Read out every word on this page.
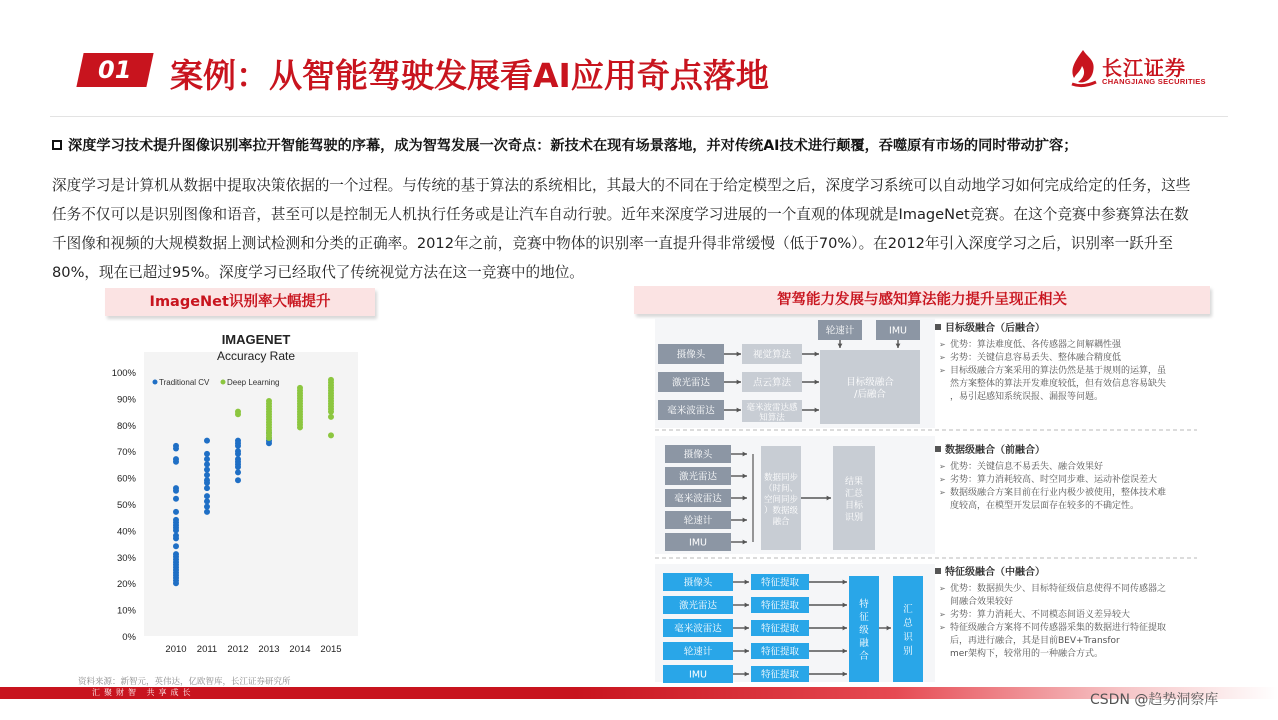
01	案例：从智能驾驶发展看AI应用奇点落地	长江证券
CHANGJIANG SECURITIES
深度学习技术提升图像识别率拉开智能驾驶的序幕，成为智驾发展一次奇点：新技术在现有场景落地，并对传统AI技术进行颠覆，吞噬原有市场的同时带动扩容；
深度学习是计算机从数据中提取决策依据的一个过程。与传统的基于算法的系统相比，其最大的不同在于给定模型之后，深度学习系统可以自动地学习如何完成给定的任务，这些任务不仅可以是识别图像和语音，甚至可以是控制无人机执行任务或是让汽车自动行驶。近年来深度学习进展的一个直观的体现就是ImageNet竞赛。在这个竞赛中参赛算法在数千图像和视频的大规模数据上测试检测和分类的正确率。2012年之前，竞赛中物体的识别率一直提升得非常缓慢（低于70%）。在2012年引入深度学习之后，识别率一跃升至80%，现在已超过95%。深度学习已经取代了传统视觉方法在这一竞赛中的地位。
ImageNet识别率大幅提升	智驾能力发展与感知算法能力提升呈现正相关
IMAGENET
Accuracy Rate
0%
10%
20%
30%
40%
50%
60%
70%
80%
90%
100%
2010 2011 2012 2013 2014 2015
Traditional CV Deep Learning
轮速计	IMU
摄像头
激光雷达
毫米波雷达
视觉算法
点云算法
毫米波雷达感知算法
目标级融合/后融合
目标级融合（后融合）
➢ 优势：算法难度低、各传感器之间解耦性强
➢ 劣势：关键信息容易丢失、整体融合精度低
➢ 目标级融合方案采用的算法仍然是基于规则的运算，虽
然方案整体的算法开发难度较低，但有效信息容易缺失
，易引起感知系统误报、漏报等问题。
摄像头
激光雷达
毫米波雷达
轮速计
IMU
数据同步（时间、空间同步）数据级融合
结果汇总目标识别
数据级融合（前融合）
➢ 优势：关键信息不易丢失、融合效果好
➢ 劣势：算力消耗较高、时空同步难、运动补偿误差大
➢ 数据级融合方案目前在行业内极少被使用，整体技术难
度较高，在模型开发层面存在较多的不确定性。
摄像头	特征提取
激光雷达	特征提取
毫米波雷达	特征提取
轮速计	特征提取
IMU	特征提取
特征级融合
汇总识别
特征级融合（中融合）
➢ 优势：数据损失少、目标特征级信息使得不同传感器之
间融合效果较好
➢ 劣势：算力消耗大、不同模态间语义差异较大
➢ 特征级融合方案将不同传感器采集的数据进行特征提取
后，再进行融合，其是目前BEV+Transfor
mer架构下，较常用的一种融合方式。
资料来源：新智元，英伟达，亿欧智库，长江证券研究所
汇聚财智 共享成长	CSDN @趋势洞察库
